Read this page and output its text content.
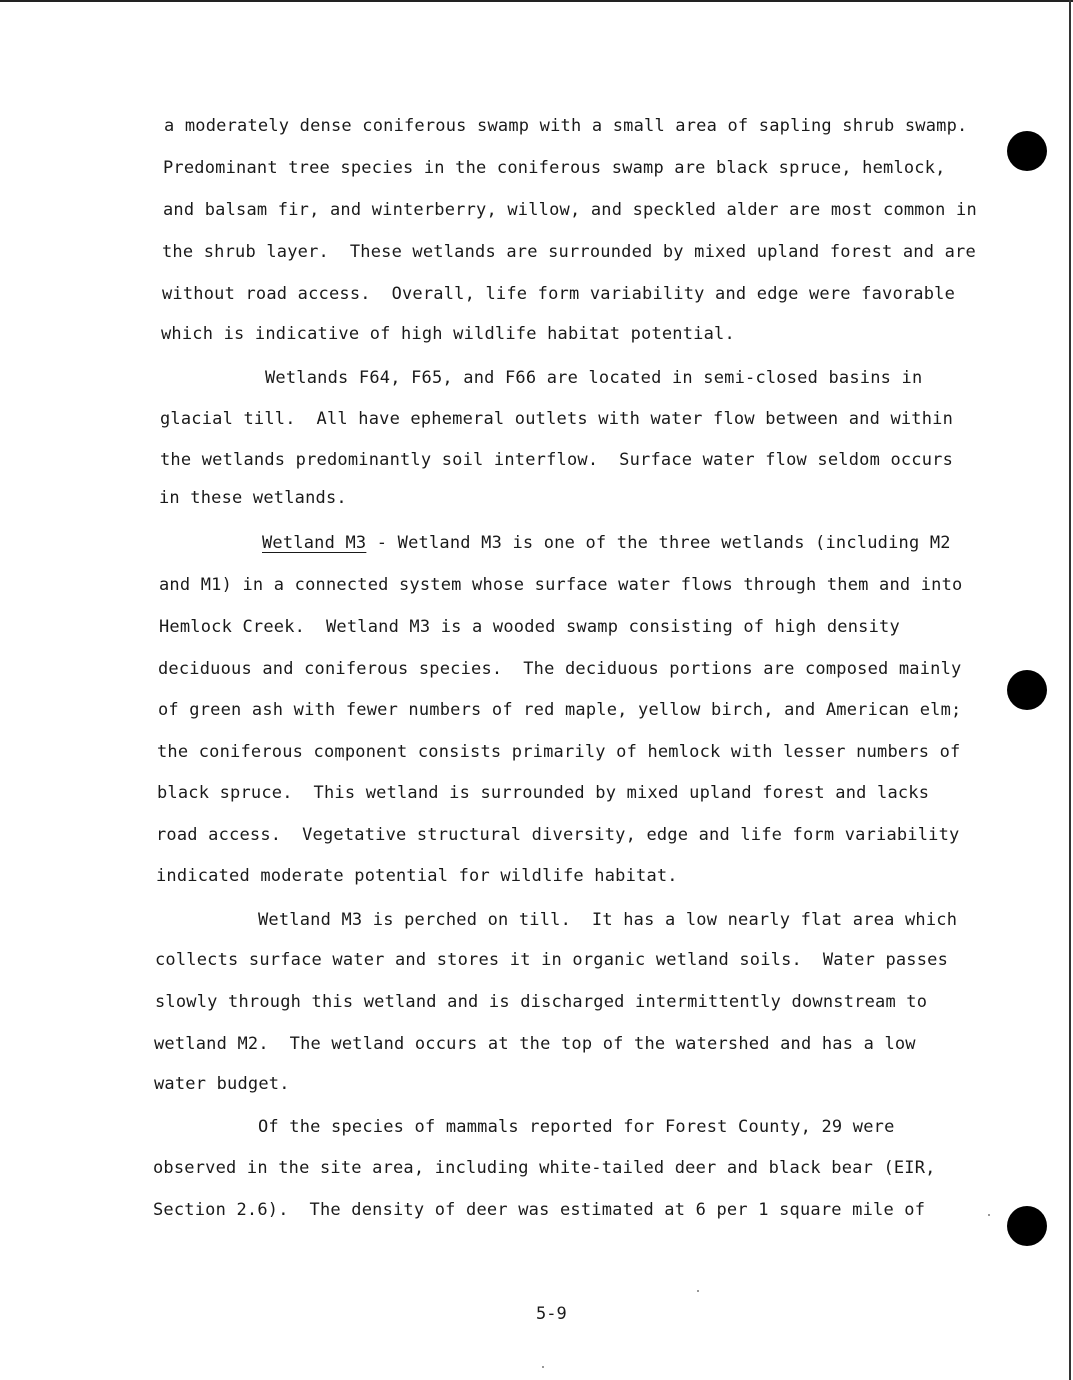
a moderately dense coniferous swamp with a small area of sapling shrub swamp.
Predominant tree species in the coniferous swamp are black spruce, hemlock,
and balsam fir, and winterberry, willow, and speckled alder are most common in
the shrub layer.  These wetlands are surrounded by mixed upland forest and are
without road access.  Overall, life form variability and edge were favorable
which is indicative of high wildlife habitat potential.
Wetlands F64, F65, and F66 are located in semi-closed basins in
glacial till.  All have ephemeral outlets with water flow between and within
the wetlands predominantly soil interflow.  Surface water flow seldom occurs
in these wetlands.
Wetland M3 - Wetland M3 is one of the three wetlands (including M2
and M1) in a connected system whose surface water flows through them and into
Hemlock Creek.  Wetland M3 is a wooded swamp consisting of high density
deciduous and coniferous species.  The deciduous portions are composed mainly
of green ash with fewer numbers of red maple, yellow birch, and American elm;
the coniferous component consists primarily of hemlock with lesser numbers of
black spruce.  This wetland is surrounded by mixed upland forest and lacks
road access.  Vegetative structural diversity, edge and life form variability
indicated moderate potential for wildlife habitat.
Wetland M3 is perched on till.  It has a low nearly flat area which
collects surface water and stores it in organic wetland soils.  Water passes
slowly through this wetland and is discharged intermittently downstream to
wetland M2.  The wetland occurs at the top of the watershed and has a low
water budget.
Of the species of mammals reported for Forest County, 29 were
observed in the site area, including white-tailed deer and black bear (EIR,
Section 2.6).  The density of deer was estimated at 6 per 1 square mile of
5-9
